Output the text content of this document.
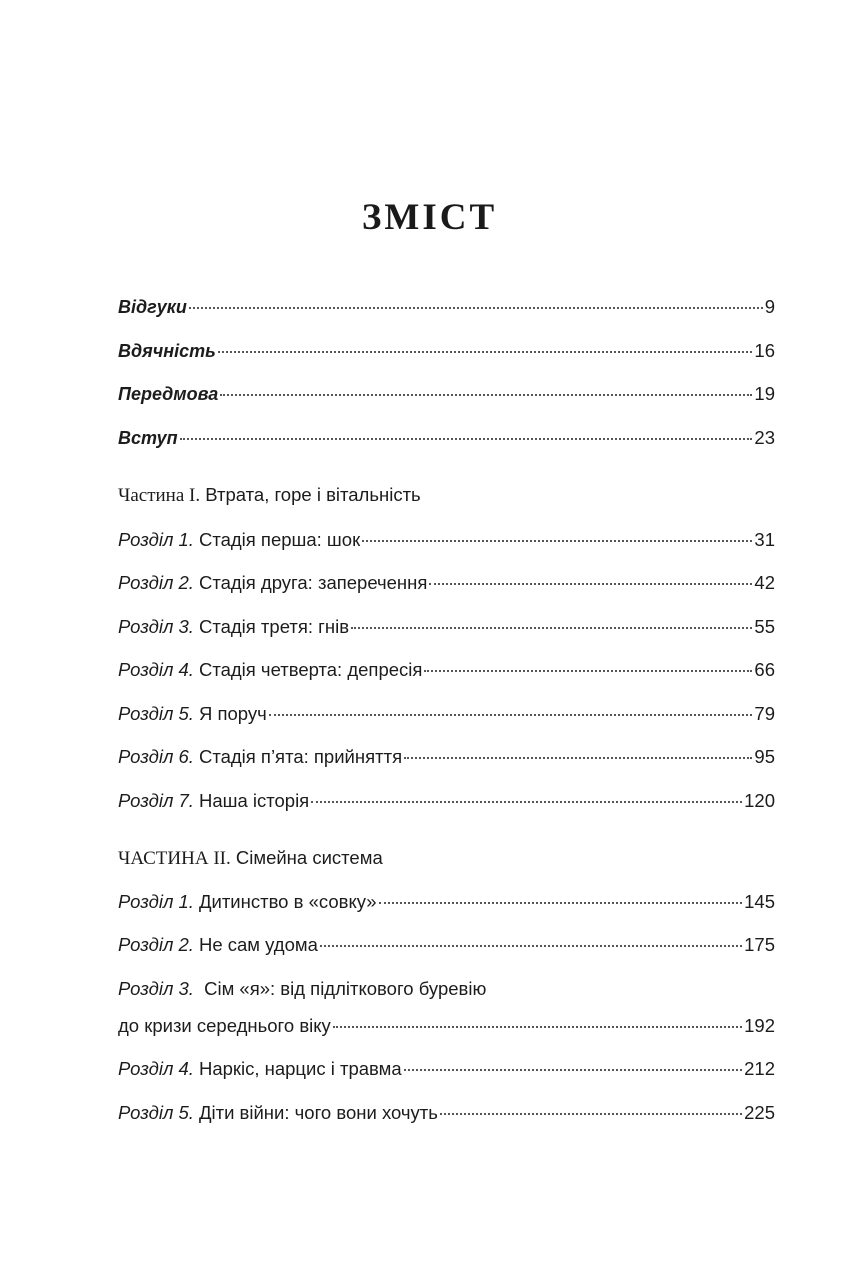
ЗМІСТ
Відгуки	9
Вдячність	16
Передмова	19
Вступ	23
Частина І. Втрата, горе і вітальність
Розділ 1. Стадія перша: шок	31
Розділ 2. Стадія друга: заперечення	42
Розділ 3. Стадія третя: гнів	55
Розділ 4. Стадія четверта: депресія	66
Розділ 5. Я поруч	79
Розділ 6. Стадія п’ята: прийняття	95
Розділ 7. Наша історія	120
ЧАСТИНА ІІ. Сімейна система
Розділ 1. Дитинство в «совку»	145
Розділ 2. Не сам удома	175
Розділ 3. Сім «я»: від підліткового буревію
до кризи середнього віку	192
Розділ 4. Наркіс, нарцис і травма	212
Розділ 5. Діти війни: чого вони хочуть	225
